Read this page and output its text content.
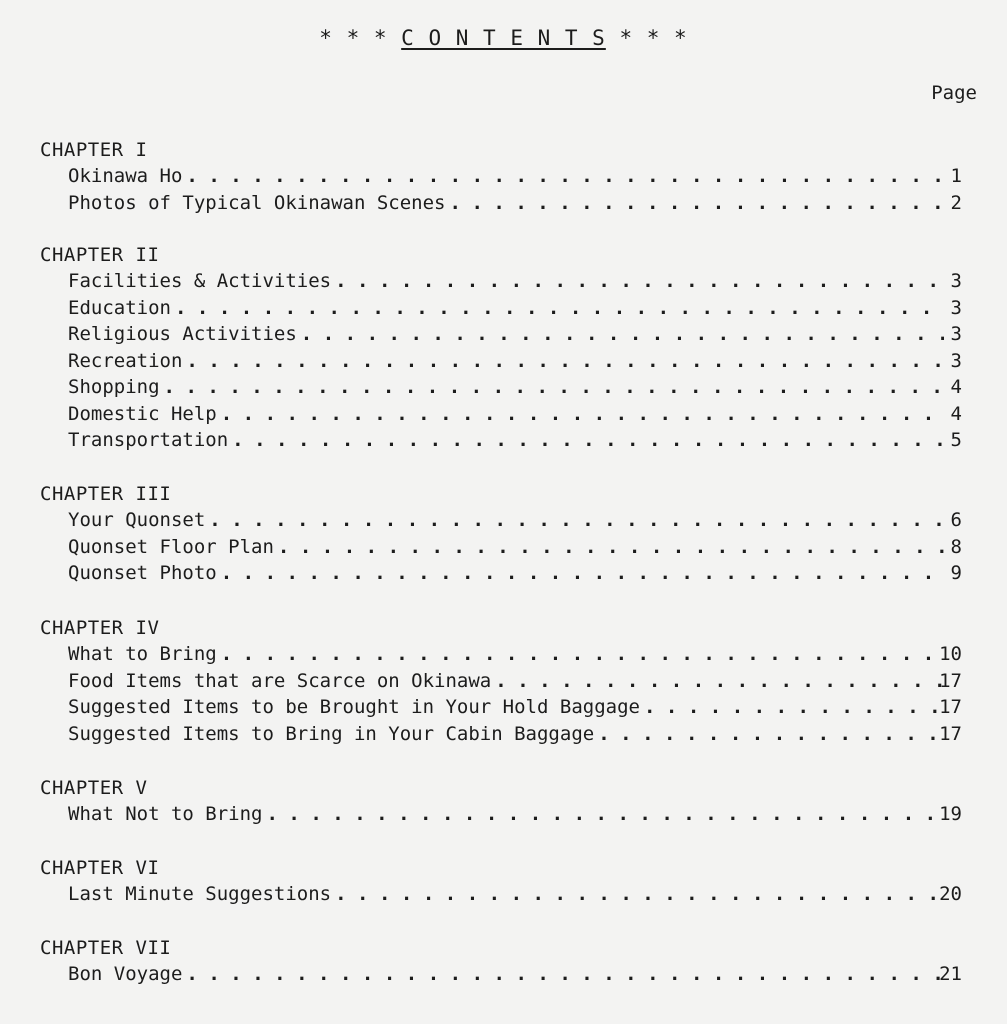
* * * C O N T E N T S * * *
Page
CHAPTER I
Okinawa Ho .....	1
Photos of Typical Okinawan Scenes .....	2
CHAPTER II
Facilities & Activities .....	3
Education .....	3
Religious Activities .....	3
Recreation .....	3
Shopping .....	4
Domestic Help .....	4
Transportation .....	5
CHAPTER III
Your Quonset .....	6
Quonset Floor Plan .....	8
Quonset Photo .....	9
CHAPTER IV
What to Bring .....	10
Food Items that are Scarce on Okinawa .....	17
Suggested Items to be Brought in Your Hold Baggage .....	17
Suggested Items to Bring in Your Cabin Baggage .....	17
CHAPTER V
What Not to Bring .....	19
CHAPTER VI
Last Minute Suggestions .....	20
CHAPTER VII
Bon Voyage .....	21
